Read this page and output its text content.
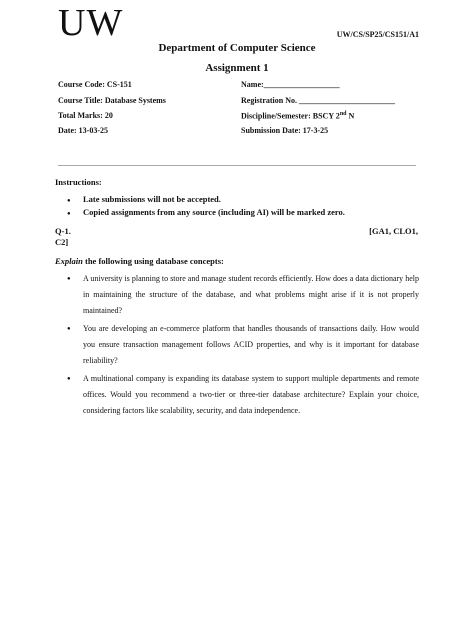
UW	UW/CS/SP25/CS151/A1
Department of Computer Science
Assignment 1
Course Code: CS-151	Name:___________________
Course Title: Database Systems	Registration No. ________________________
Total Marks: 20	Discipline/Semester: BSCY 2nd N
Date: 13-03-25	Submission Date: 17-3-25
Instructions:
● Late submissions will not be accepted.
● Copied assignments from any source (including AI) will be marked zero.
Q-1.	[GA1, CLO1,
C2]
Explain the following using database concepts:
● A university is planning to store and manage student records efficiently. How does a data dictionary help in maintaining the structure of the database, and what problems might arise if it is not properly maintained?
● You are developing an e-commerce platform that handles thousands of transactions daily. How would you ensure transaction management follows ACID properties, and why is it important for database reliability?
● A multinational company is expanding its database system to support multiple departments and remote offices. Would you recommend a two-tier or three-tier database architecture? Explain your choice, considering factors like scalability, security, and data independence.
